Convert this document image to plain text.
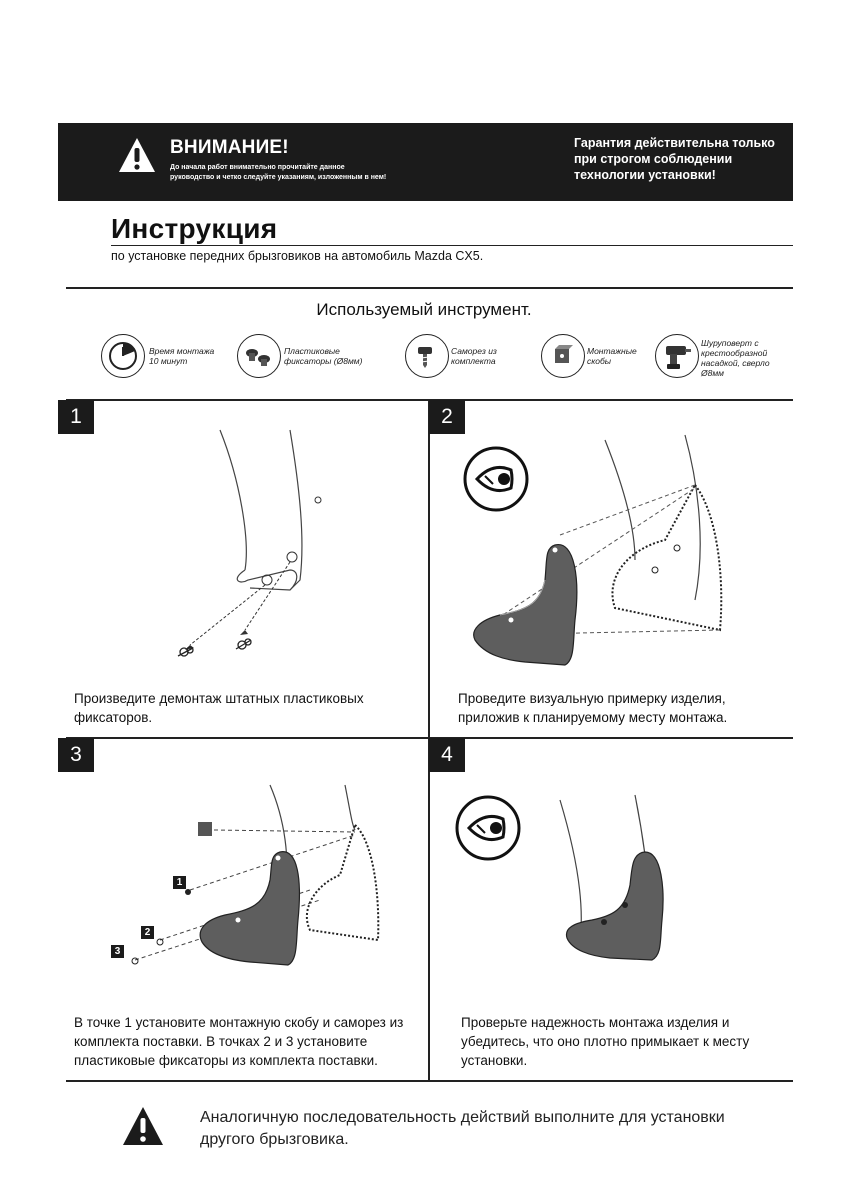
ВНИМАНИЕ!
До начала работ внимательно прочитайте данное руководство и четко следуйте указаниям, изложенным в нем!
Гарантия действительна только при строгом соблюдении технологии установки!
Инструкция
по установке передних брызговиков на автомобиль Mazda CX5.
Используемый инструмент.
Время монтажа 10 минут
Пластиковые фиксаторы (Ø8мм)
Саморез из комплекта
Монтажные скобы
Шуруповерт с крестообразной насадкой, сверло Ø8мм
1
Произведите демонтаж штатных пластиковых фиксаторов.
2
Проведите визуальную примерку изделия, приложив к планируемому месту монтажа.
3
1
2
3
В точке 1 установите монтажную скобу и саморез из комплекта поставки. В точках 2 и 3 установите пластиковые фиксаторы из комплекта поставки.
4
Проверьте надежность монтажа изделия и убедитесь, что оно плотно примыкает к месту установки.
Аналогичную последовательность действий выполните для установки другого брызговика.
